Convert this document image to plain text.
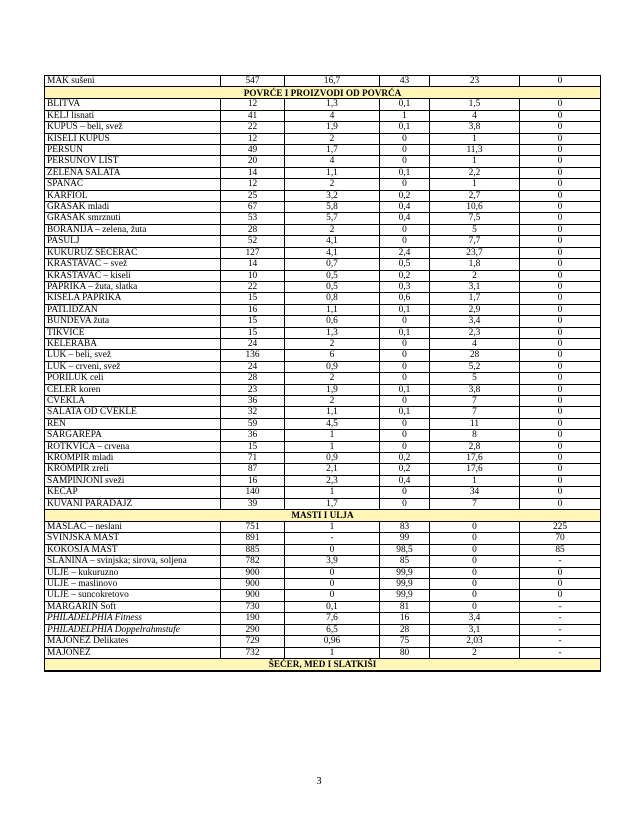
MAK sušeni	547	16,7	43	23	0
POVRĆE I PROIZVODI OD POVRĆA					
BLITVA	12	1,3	0,1	1,5	0
KELJ lisnati	41	4	1	4	0
KUPUS – beli, svež	22	1,9	0,1	3,8	0
KISELI KUPUS	12	2	0	1	0
PERŠUN	49	1,7	0	11,3	0
PERŠUNOV LIST	20	4	0	1	0
ZELENA SALATA	14	1,1	0,1	2,2	0
SPANAĆ	12	2	0	1	0
KARFIOL	25	3,2	0,2	2,7	0
GRAŠAK mladi	67	5,8	0,4	10,6	0
GRAŠAK smrznuti	53	5,7	0,4	7,5	0
BORANIJA – zelena, žuta	28	2	0	5	0
PASULJ	52	4,1	0	7,7	0
KUKURUZ ŠEĆERAC	127	4,1	2,4	23,7	0
KRASTAVAC – svež	14	0,7	0,5	1,8	0
KRASTAVAC – kiseli	10	0,5	0,2	2	0
PAPRIKA – žuta, slatka	22	0,5	0,3	3,1	0
KISELA PAPRIKA	15	0,8	0,6	1,7	0
PATLIDŽAN	16	1,1	0,1	2,9	0
BUNDEVA žuta	15	0,6	0	3,4	0
TIKVICE	15	1,3	0,1	2,3	0
KELERABA	24	2	0	4	0
LUK – beli, svež	136	6	0	28	0
LUK – crveni, svež	24	0,9	0	5,2	0
PORILUK celi	28	2	0	5	0
CELER koren	23	1,9	0,1	3,8	0
CVEKLA	36	2	0	7	0
SALATA OD CVEKLE	32	1,1	0,1	7	0
REN	59	4,5	0	11	0
ŠARGAREPA	36	1	0	8	0
ROTKVICA – crvena	15	1	0	2,8	0
KROMPIR mladi	71	0,9	0,2	17,6	0
KROMPIR zreli	87	2,1	0,2	17,6	0
ŠAMPINJONI sveži	16	2,3	0,4	1	0
KEČAP	140	1	0	34	0
KUVANI PARADAJZ	39	1,7	0	7	0
MASTI I ULJA					
MASLAC – neslani	751	1	83	0	225
SVINJSKA MAST	891	-	99	0	70
KOKOŠJA MAST	885	0	98,5	0	85
SLANINA – svinjska; sirova, soljena	782	3,9	85	0	-
ULJE – kukuruzno	900	0	99,9	0	0
ULJE – maslinovo	900	0	99,9	0	0
ULJE – suncokretovo	900	0	99,9	0	0
MARGARIN Soft	730	0,1	81	0	-
PHILADELPHIA Fitness	190	7,6	16	3,4	-
PHILADELPHIA Doppelrahmstufe	290	6,5	28	3,1	-
MAJONEZ Delikates	729	0,96	75	2,03	-
MAJONEZ	732	1	80	2	-
ŠEĆER, MED I SLATKIŠI					
3
